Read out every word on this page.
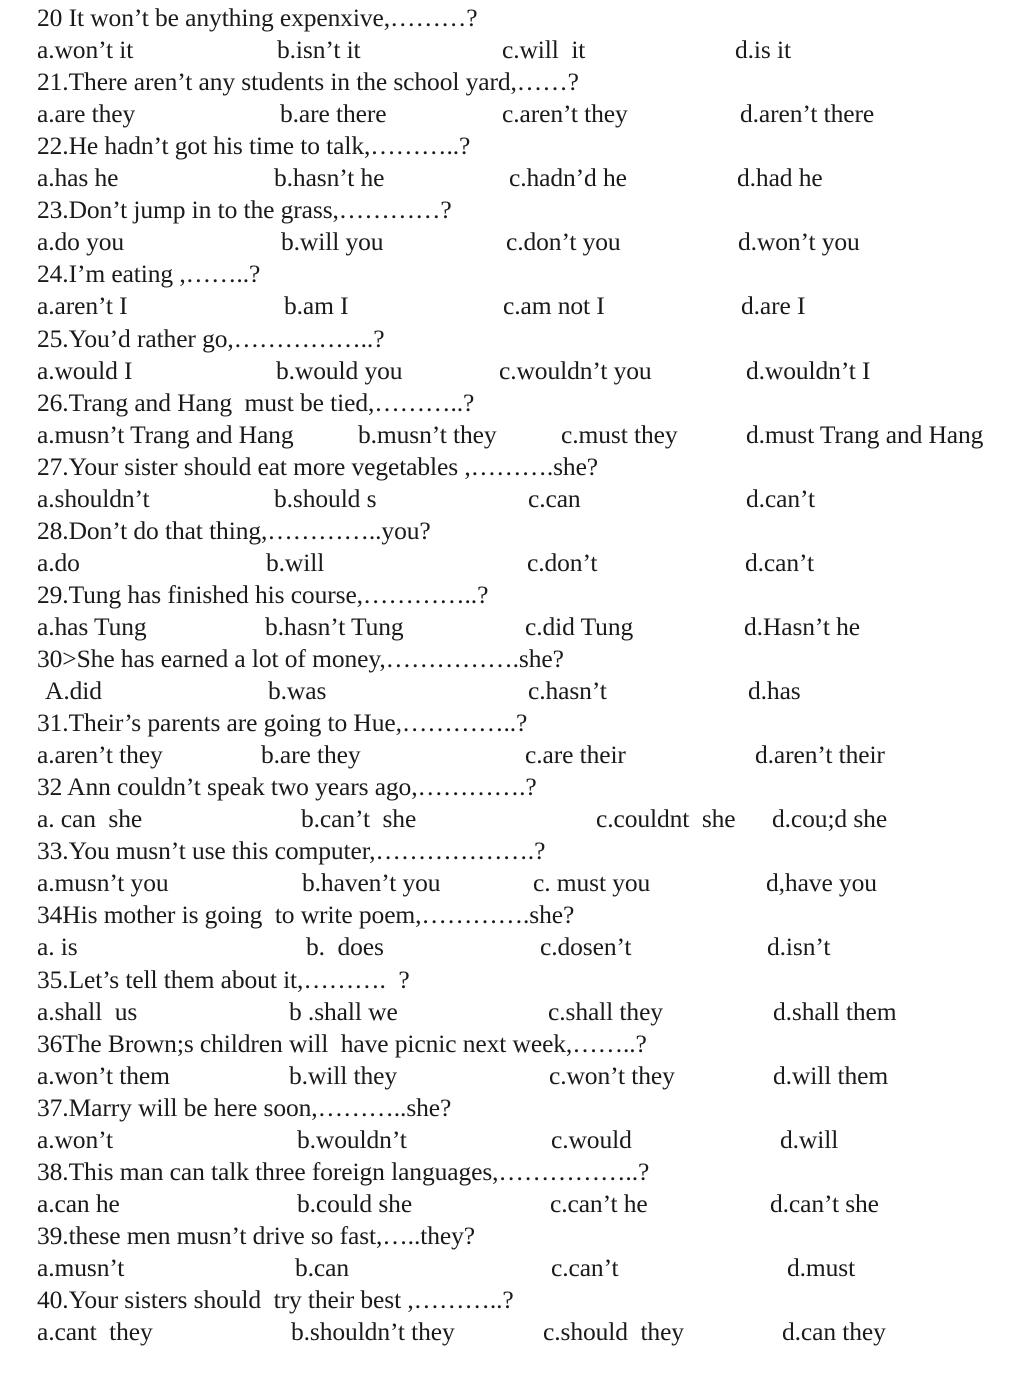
20 It won’t be anything expenxive,………?
a.won’t it	b.isn’t it	c.will  it	d.is it
21.There aren’t any students in the school yard,……?
a.are they	b.are there	c.aren’t they	d.aren’t there
22.He hadn’t got his time to talk,………..?
a.has he	b.hasn’t he	c.hadn’d he	d.had he
23.Don’t jump in to the grass,…………?
a.do you	b.will you	c.don’t you	d.won’t you
24.I’m eating ,……..?
a.aren’t I	b.am I	c.am not I	d.are I
25.You’d rather go,……………..?
a.would I	b.would you	c.wouldn’t you	d.wouldn’t I
26.Trang and Hang  must be tied,………..?
a.musn’t Trang and Hang	b.musn’t they	c.must they	d.must Trang and Hang
27.Your sister should eat more vegetables ,……….she?
a.shouldn’t	b.should s	c.can	d.can’t
28.Don’t do that thing,…………..you?
a.do	b.will	c.don’t	d.can’t
29.Tung has finished his course,…………..?
a.has Tung	b.hasn’t Tung	c.did Tung	d.Hasn’t he
30>She has earned a lot of money,…………….she?
A.did	b.was	c.hasn’t	d.has
31.Their’s parents are going to Hue,…………..?
a.aren’t they	b.are they	c.are their	d.aren’t their
32 Ann couldn’t speak two years ago,………….?
a. can  she	b.can’t  she	c.couldnt  she d.cou;d she
33.You musn’t use this computer,……………….?
a.musn’t you	b.haven’t you	c. must you	d,have you
34His mother is going  to write poem,………….she?
a. is	b.  does	c.dosen’t	d.isn’t
35.Let’s tell them about it,……….  ?
a.shall  us	b .shall we	c.shall they	d.shall them
36The Brown;s children will  have picnic next week,……..?
a.won’t them	b.will they	c.won’t they	d.will them
37.Marry will be here soon,………..she?
a.won’t	b.wouldn’t	c.would	d.will
38.This man can talk three foreign languages,……………..?
a.can he	b.could she	c.can’t he	d.can’t she
39.these men musn’t drive so fast,…..they?
a.musn’t	b.can	c.can’t	d.must
40.Your sisters should  try their best ,………..?
a.cant  they	b.shouldn’t they	c.should  they	d.can they
